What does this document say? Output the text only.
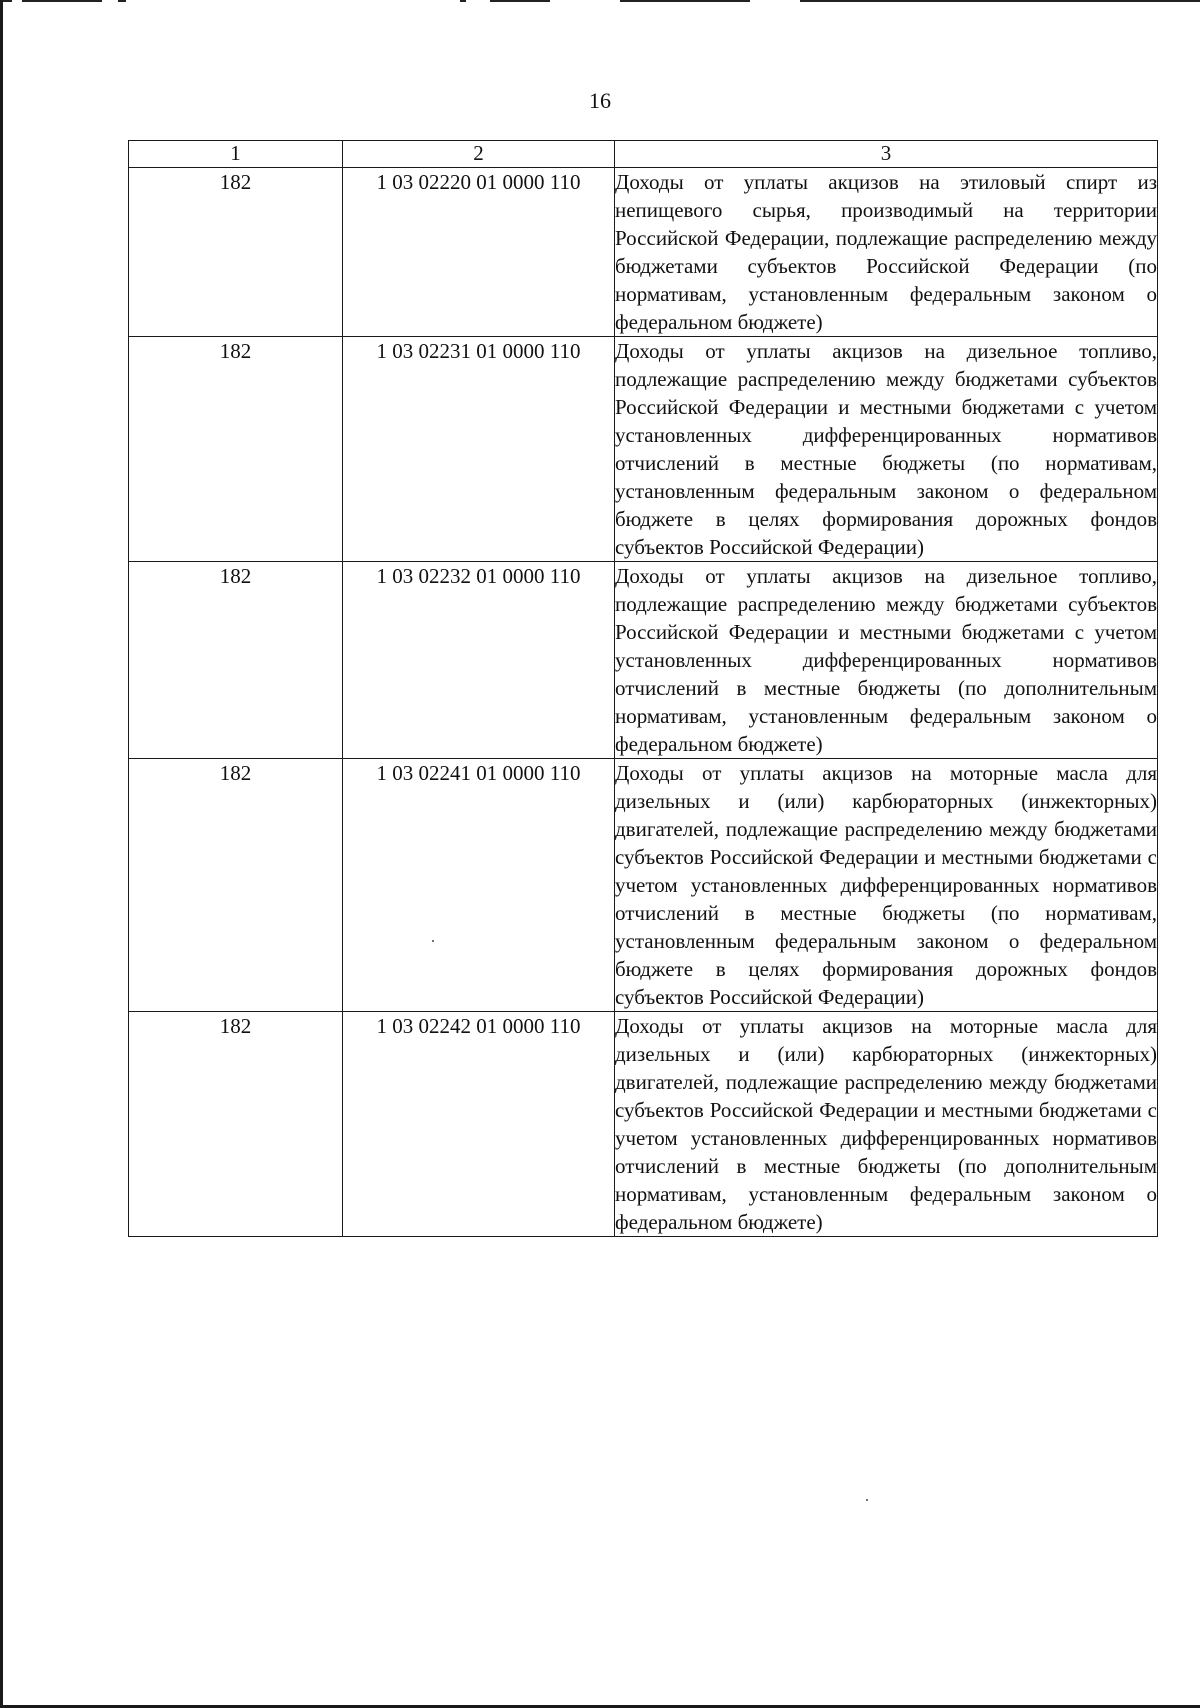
16
1	2	3
182	1 03 02220 01 0000 110	Доходы от уплаты акцизов на этиловый спирт из непищевого сырья, производимый на территории Российской Федерации, подлежащие распределению между бюджетами субъектов Российской Федерации (по нормативам, установленным федеральным законом о федеральном бюджете)
182	1 03 02231 01 0000 110	Доходы от уплаты акцизов на дизельное топливо, подлежащие распределению между бюджетами субъектов Российской Федерации и местными бюджетами с учетом установленных дифференцированных нормативов отчислений в местные бюджеты (по нормативам, установленным федеральным законом о федеральном бюджете в целях формирования дорожных фондов субъектов Российской Федерации)
182	1 03 02232 01 0000 110	Доходы от уплаты акцизов на дизельное топливо, подлежащие распределению между бюджетами субъектов Российской Федерации и местными бюджетами с учетом установленных дифференцированных нормативов отчислений в местные бюджеты (по дополнительным нормативам, установленным федеральным законом о федеральном бюджете)
182	1 03 02241 01 0000 110	Доходы от уплаты акцизов на моторные масла для дизельных и (или) карбюраторных (инжекторных) двигателей, подлежащие распределению между бюджетами субъектов Российской Федерации и местными бюджетами с учетом установленных дифференцированных нормативов отчислений в местные бюджеты (по нормативам, установленным федеральным законом о федеральном бюджете в целях формирования дорожных фондов субъектов Российской Федерации)
182	1 03 02242 01 0000 110	Доходы от уплаты акцизов на моторные масла для дизельных и (или) карбюраторных (инжекторных) двигателей, подлежащие распределению между бюджетами субъектов Российской Федерации и местными бюджетами с учетом установленных дифференцированных нормативов отчислений в местные бюджеты (по дополнительным нормативам, установленным федеральным законом о федеральном бюджете)
